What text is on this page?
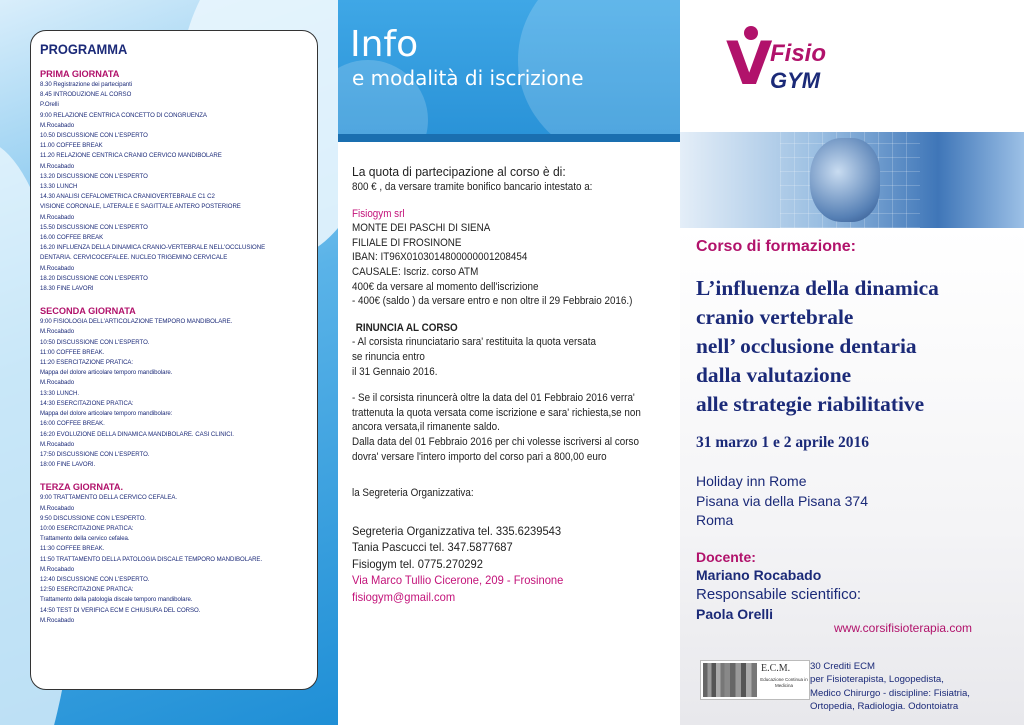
PROGRAMMA
PRIMA GIORNATA
8.30 Registrazione dei partecipanti
8.45 INTRODUZIONE AL CORSO
P.Orelli
9:00 RELAZIONE CENTRICA CONCETTO DI CONGRUENZA
M.Rocabado
10.50 DISCUSSIONE CON L'ESPERTO
11.00 COFFEE BREAK
11.20 RELAZIONE CENTRICA CRANIO CERVICO MANDIBOLARE
M.Rocabado
13.20 DISCUSSIONE CON L'ESPERTO
13.30 LUNCH
14.30 ANALISI CEFALOMETRICA CRANIOVERTEBRALE C1 C2
VISIONE CORONALE, LATERALE E SAGITTALE ANTERO POSTERIORE
M.Rocabado
15.50 DISCUSSIONE CON L'ESPERTO
16.00 COFFEE BREAK
16.20 INFLUENZA DELLA DINAMICA CRANIO-VERTEBRALE NELL'OCCLUSIONE
DENTARIA. CERVICOCEFALEE. NUCLEO TRIGEMINO CERVICALE
M.Rocabado
18.20 DISCUSSIONE CON L'ESPERTO
18.30 FINE LAVORI
SECONDA GIORNATA
9:00 FISIOLOGIA DELL'ARTICOLAZIONE TEMPORO MANDIBOLARE.
M.Rocabado
10:50 DISCUSSIONE CON L'ESPERTO.
11:00 COFFEE BREAK.
11:20 ESERCITAZIONE PRATICA:
Mappa del dolore articolare temporo mandibolare.
M.Rocabado
13:30 LUNCH.
14:30 ESERCITAZIONE PRATICA:
Mappa del dolore articolare temporo mandibolare:
16:00 COFFEE BREAK.
16:20 EVOLUZIONE DELLA DINAMICA MANDIBOLARE. CASI CLINICI.
M.Rocabado
17:50 DISCUSSIONE CON L'ESPERTO.
18:00 FINE LAVORI.
TERZA GIORNATA.
9:00 TRATTAMENTO DELLA CERVICO CEFALEA.
M.Rocabado
9:50 DISCUSSIONE CON L'ESPERTO.
10:00 ESERCITAZIONE PRATICA:
Trattamento della cervico cefalea.
11:30 COFFEE BREAK.
11:50 TRATTAMENTO DELLA PATOLOGIA DISCALE TEMPORO MANDIBOLARE.
M.Rocabado
12:40 DISCUSSIONE CON L'ESPERTO.
12:50 ESERCITAZIONE PRATICA:
Trattamento della patologia discale temporo mandibolare.
14:50 TEST DI VERIFICA ECM E CHIUSURA DEL CORSO.
M.Rocabado
Info
e modalità di iscrizione
La quota di partecipazione al corso è di:
800 € , da versare tramite bonifico bancario intestato a:
Fisiogym srl
MONTE DEI PASCHI DI SIENA
FILIALE DI FROSINONE
IBAN: IT96X0103014800000001208454
CAUSALE: Iscriz. corso ATM
400€ da versare al momento dell'iscrizione
- 400€ (saldo ) da versare entro e non oltre il 29 Febbraio 2016.)
RINUNCIA AL CORSO
- Al corsista rinunciatario sara' restituita la quota versata
se rinuncia entro
il 31 Gennaio 2016.
- Se il corsista rinuncerà oltre la data del 01 Febbraio 2016 verra'
trattenuta la quota versata come iscrizione e sara' richiesta,se non
ancora versata,il rimanente saldo.
Dalla data del 01 Febbraio 2016 per chi volesse iscriversi al corso
dovra' versare l'intero importo del corso pari a 800,00 euro
la Segreteria Organizzativa:
Segreteria Organizzativa tel. 335.6239543
Tania Pascucci tel. 347.5877687
Fisiogym tel. 0775.270292
Via Marco Tullio Cicerone, 209 - Frosinone
fisiogym@gmail.com
V
Fisio
GYM
Corso di formazione:
L’influenza della dinamica
cranio vertebrale
nell’ occlusione dentaria
dalla valutazione
alle strategie riabilitative
31 marzo 1 e 2 aprile 2016
Holiday inn Rome
Pisana via della Pisana 374
Roma
Docente:
Mariano Rocabado
Responsabile scientifico:
Paola Orelli
www.corsifisioterapia.com
E.C.M.
Educazione Continua in Medicina
30 Crediti ECM
per Fisioterapista, Logopedista,
Medico Chirurgo - discipline: Fisiatria,
Ortopedia, Radiologia. Odontoiatra
